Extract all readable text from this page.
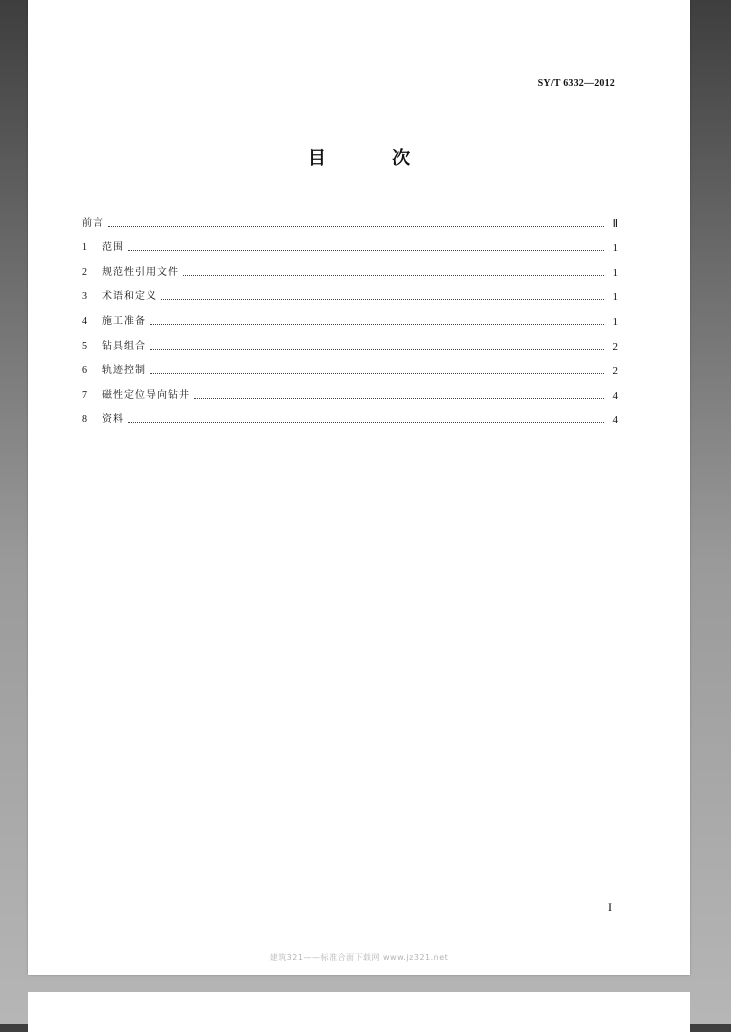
SY/T 6332—2012
目 次
前言	Ⅱ
1	范围	1
2	规范性引用文件	1
3	术语和定义	1
4	施工准备	1
5	钻具组合	2
6	轨迹控制	2
7	磁性定位导向钻井	4
8	资料	4
I
建筑321——标准合面下载网 www.jz321.net
